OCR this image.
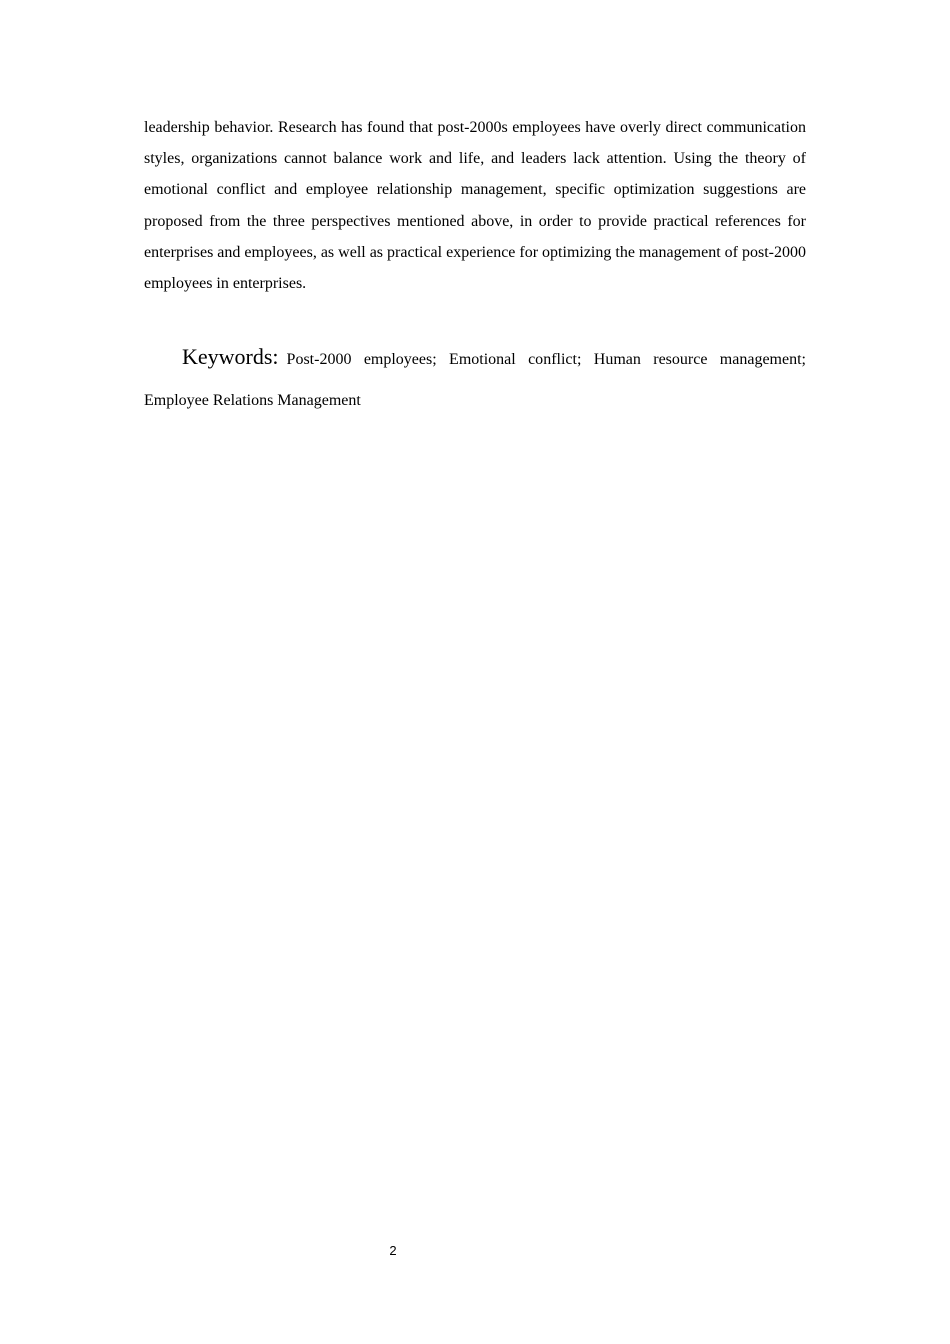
leadership behavior. Research has found that post-2000s employees have overly direct communication styles, organizations cannot balance work and life, and leaders lack attention. Using the theory of emotional conflict and employee relationship management, specific optimization suggestions are proposed from the three perspectives mentioned above, in order to provide practical references for enterprises and employees, as well as practical experience for optimizing the management of post-2000 employees in enterprises.

Keywords: Post-2000 employees; Emotional conflict; Human resource management; Employee Relations Management

2
